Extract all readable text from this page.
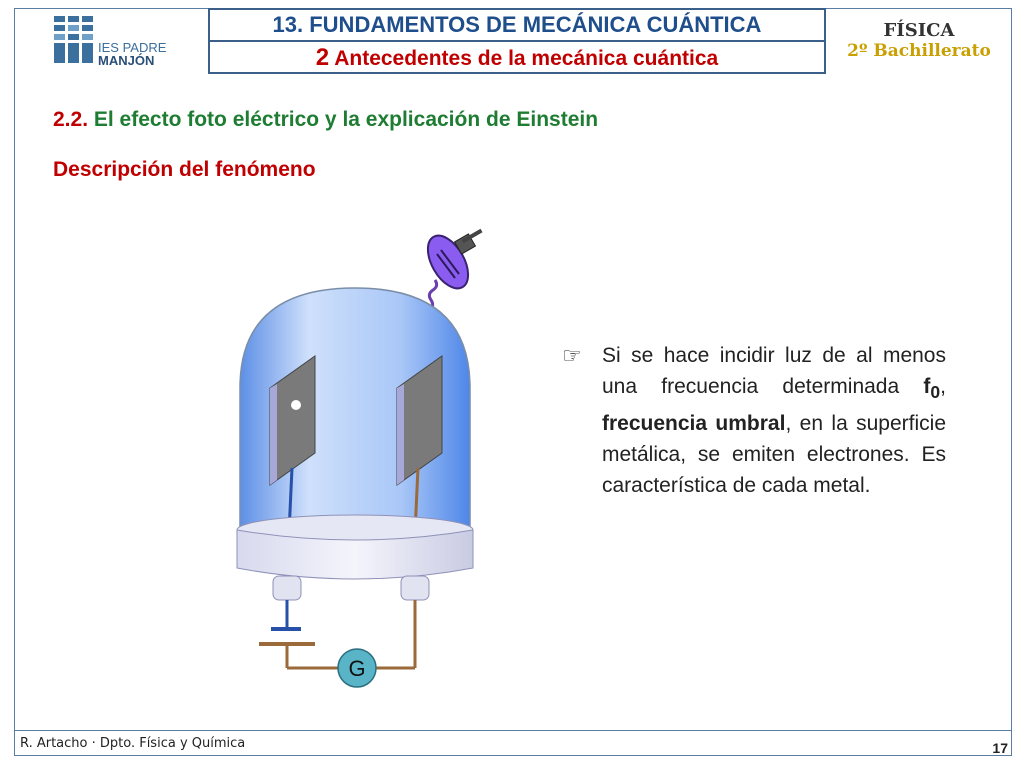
IES PADRE
MANJÓN
13. FUNDAMENTOS DE MECÁNICA CUÁNTICA
2 Antecedentes de la mecánica cuántica
FÍSICA
2º Bachillerato
2.2. El efecto foto eléctrico y la explicación de Einstein
Descripción del fenómeno
G
☞ Si se hace incidir luz de al menos una frecuencia determinada $f_0$, frecuencia umbral, en la superficie metálica, se emiten electrones. Es característica de cada metal.
R. Artacho · Dpto. Física y Química	17
